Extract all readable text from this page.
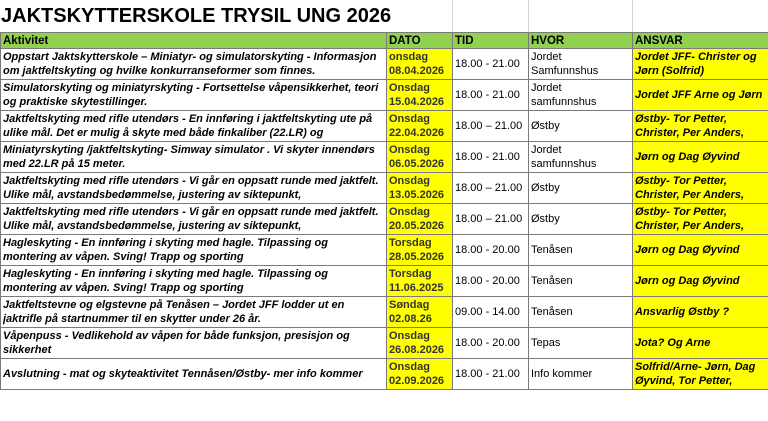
JAKTSKYTTERSKOLE TRYSIL UNG 2026
Aktivitet	DATO	TID	HVOR	ANSVAR

Oppstart Jaktskytterskole – Miniatyr- og simulatorskyting - Informasjon om jaktfeltskyting og hvilke konkurranseformer som finnes.	onsdag 08.04.2026	18.00 - 21.00	Jordet Samfunnshus	Jordet JFF- Christer og Jørn (Solfrid)

Simulatorskyting og miniatyrskyting - Fortsettelse våpensikkerhet, teori og praktiske skytestillinger.	Onsdag 15.04.2026	18.00 - 21.00	Jordet samfunnshus	Jordet JFF Arne og Jørn

Jaktfeltskyting med rifle utendørs - En innføring i jaktfeltskyting ute på ulike mål. Det er mulig å skyte med både finkaliber (22.LR) og	Onsdag 22.04.2026	18.00 – 21.00	Østby	Østby- Tor Petter, Christer, Per Anders,

Miniatyrskyting /jaktfeltskyting- Simway simulator . Vi skyter innendørs med 22.LR på 15 meter.	Onsdag 06.05.2026	18.00 - 21.00	Jordet samfunnshus	Jørn og Dag Øyvind

Jaktfeltskyting med rifle utendørs - Vi går en oppsatt runde med jaktfelt. Ulike mål, avstandsbedømmelse, justering av siktepunkt,	Onsdag 13.05.2026	18.00 – 21.00	Østby	Østby- Tor Petter, Christer, Per Anders,

Jaktfeltskyting med rifle utendørs - Vi går en oppsatt runde med jaktfelt. Ulike mål, avstandsbedømmelse, justering av siktepunkt,	Onsdag 20.05.2026	18.00 – 21.00	Østby	Østby- Tor Petter, Christer, Per Anders,

Hagleskyting - En innføring i skyting med hagle. Tilpassing og montering av våpen. Sving! Trapp og sporting	Torsdag 28.05.2026	18.00 - 20.00	Tenåsen	Jørn og Dag Øyvind

Hagleskyting - En innføring i skyting med hagle. Tilpassing og montering av våpen. Sving! Trapp og sporting	Torsdag 11.06.2025	18.00 - 20.00	Tenåsen	Jørn og Dag Øyvind

Jaktfeltstevne og elgstevne på Tenåsen – Jordet JFF lodder ut en jaktrifle på startnummer til en skytter under 26 år.	Søndag 02.08.26	09.00 - 14.00	Tenåsen	Ansvarlig Østby ?

Våpenpuss - Vedlikehold av våpen for både funksjon, presisjon og sikkerhet	Onsdag 26.08.2026	18.00 - 20.00	Tepas	Jota? Og Arne

Avslutning - mat og skyteaktivitet Tennåsen/Østby- mer info kommer	Onsdag 02.09.2026	18.00 - 21.00	Info kommer	Solfrid/Arne- Jørn, Dag Øyvind, Tor Petter,
